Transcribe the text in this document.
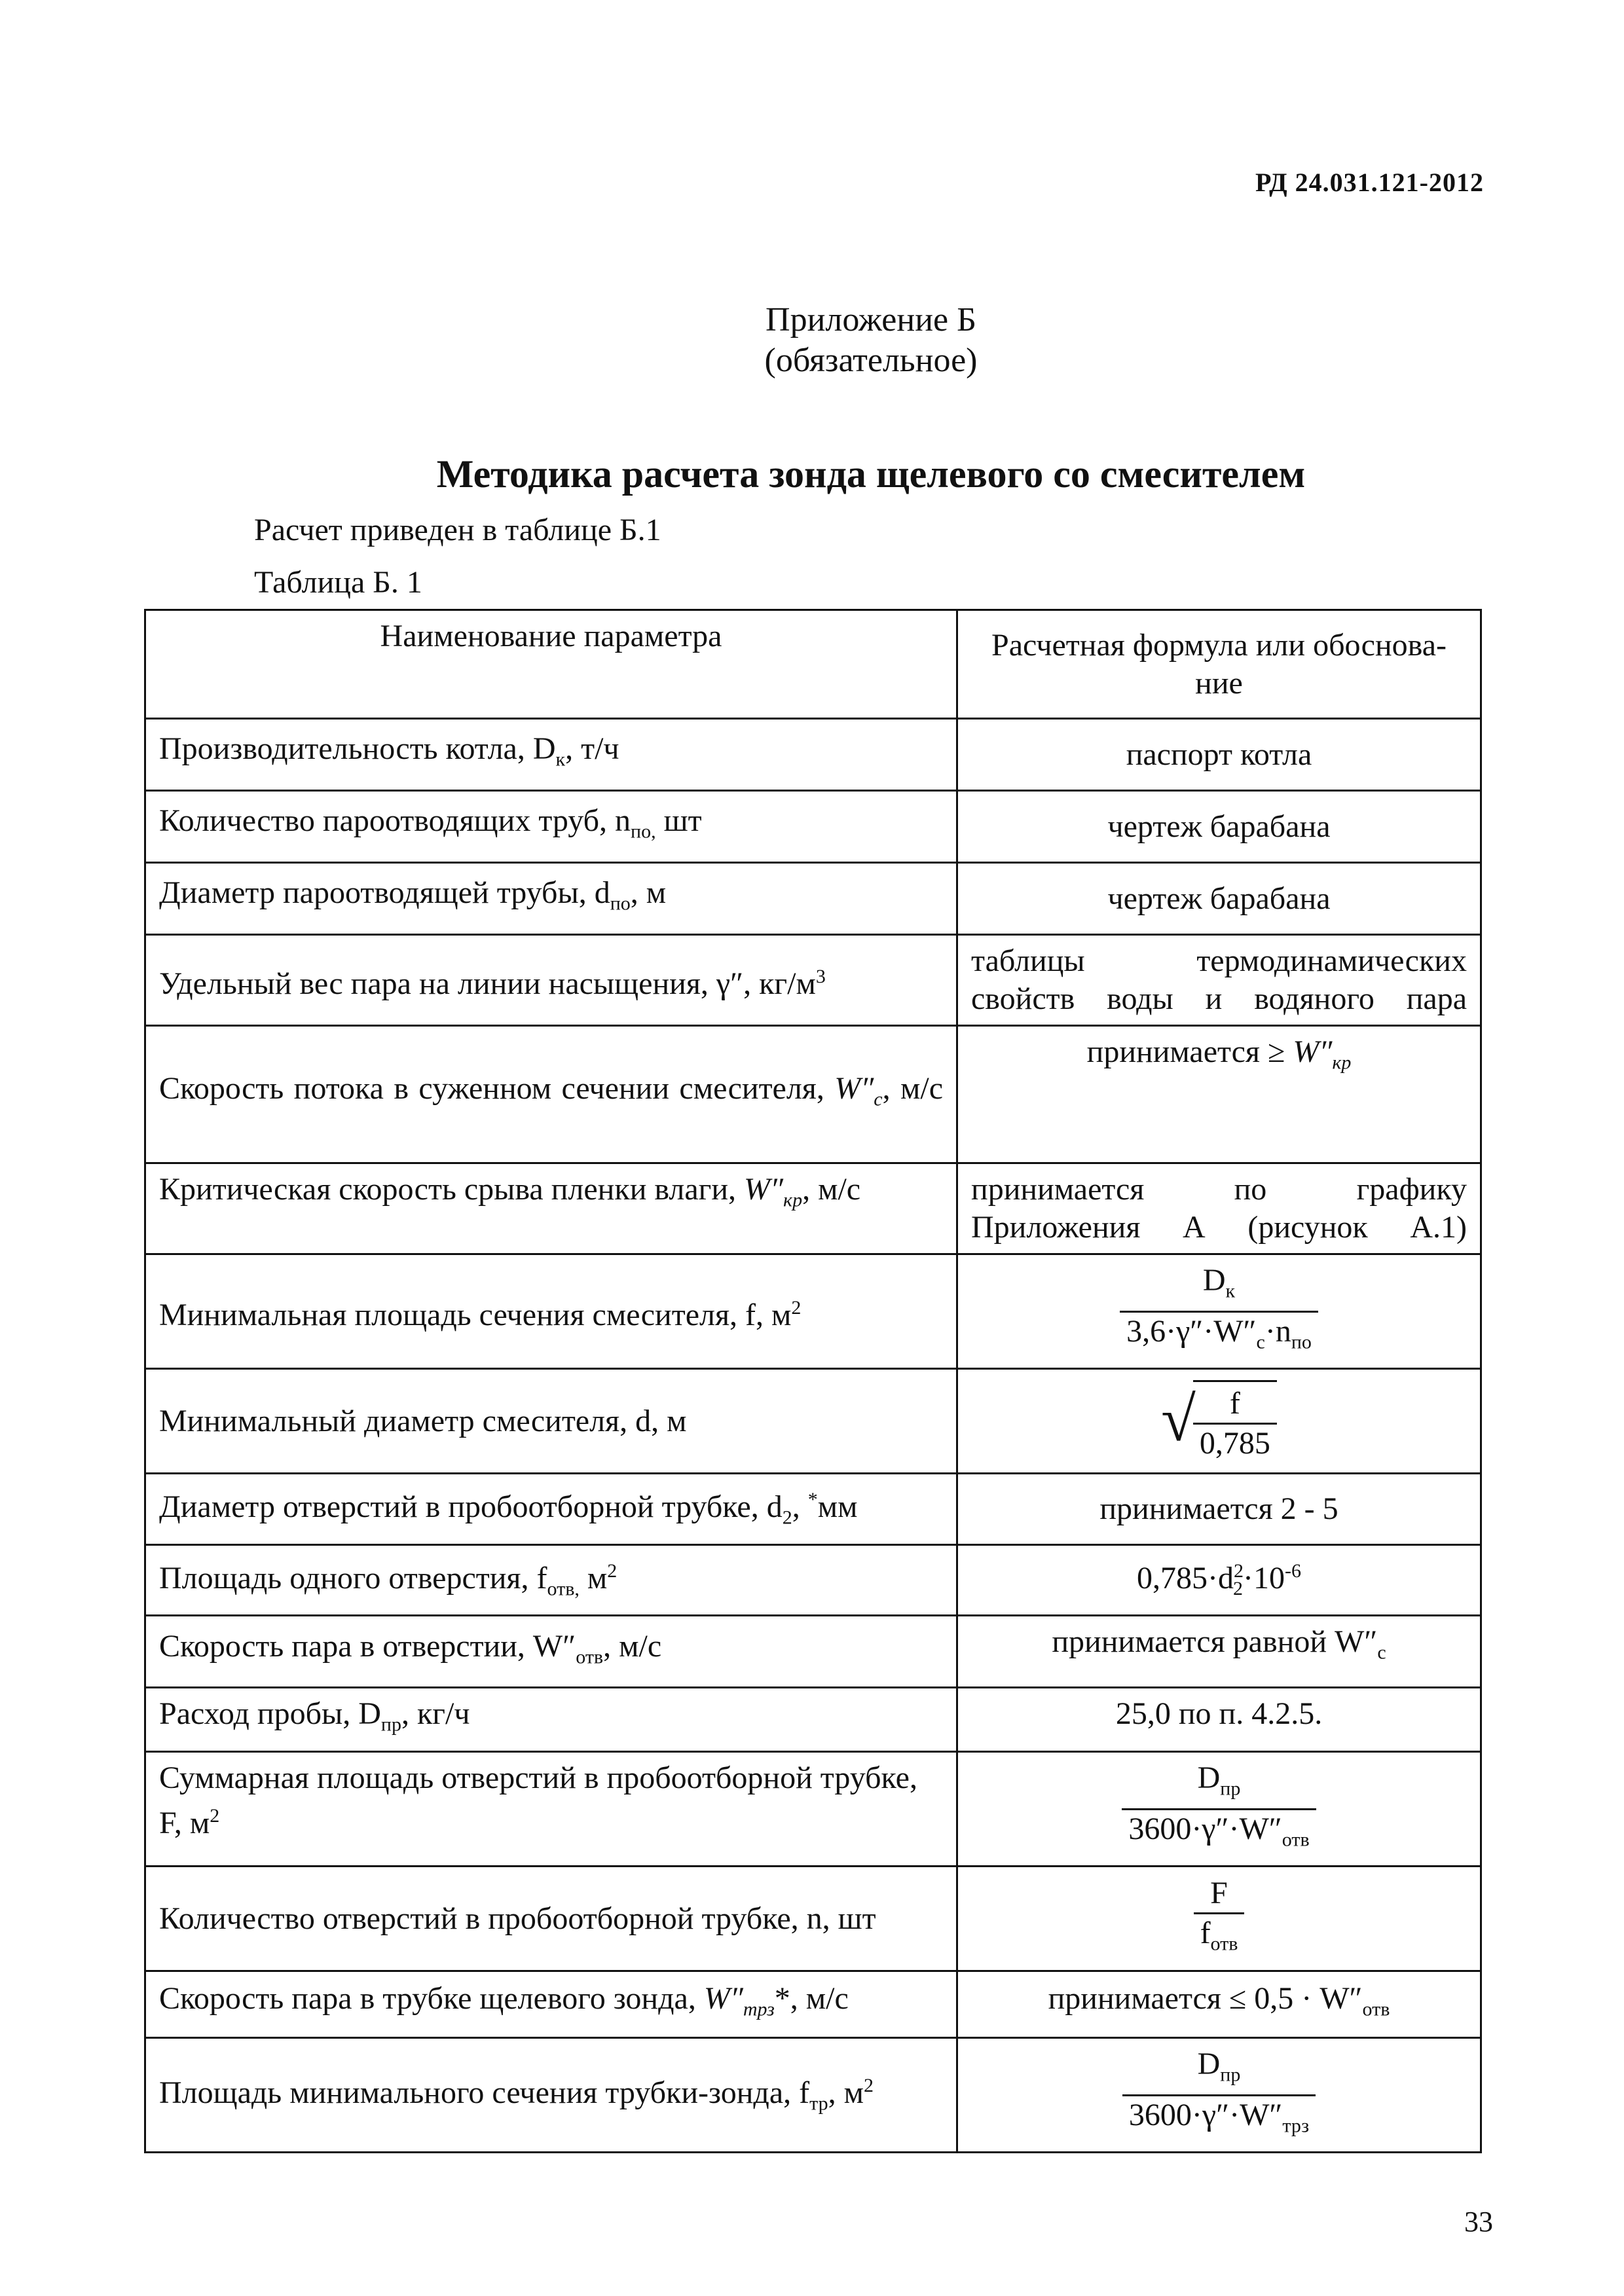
РД 24.031.121-2012
Приложение Б
(обязательное)
Методика расчета зонда щелевого со смесителем
Расчет приведен в таблице Б.1
Таблица Б. 1
Наименование параметра	Расчетная формула или обоснова-ние
Производительность котла, $D_к$, т/ч	паспорт котла
Количество пароотводящих труб, $n_{по,}$ шт	чертеж барабана
Диаметр пароотводящей трубы, $d_{по}$, м	чертеж барабана
Удельный вес пара на линии насыщения, γ″, $кг/м^3$	таблицы термодинамических свойств воды и водяного пара
Скорость потока в суженном сечении смесителя, $W''_c$, м/с	принимается ≥ $W''_{кр}$
Критическая скорость срыва пленки влаги, $W''_{кр}$, м/с	принимается по графику Приложения А (рисунок А.1)
Минимальная площадь сечения смесителя, f, $м^2$	$\frac{D_к}{3,6\cdot\gamma''\cdot W''_с\cdot n_{по}}$

Минимальный диаметр смесителя, d, м	√
$\frac{f}{0,785}$

Диаметр отверстий в пробоотборной трубке, $d_2$, *мм	принимается 2 - 5
Площадь одного отверстия, $f_{отв,}$ $м^2$	$0,785\cdot d^2_2\cdot 10^{-6}$
Скорость пара в отверстии, $W''_{отв}$, м/с	принимается равной $W''_с$
Расход пробы, $D_{пр}$, кг/ч	25,0 по п. 4.2.5.
Суммарная площадь отверстий в пробоотборной трубке, F, $м^2$	$\frac{D_{пр}}{3600\cdot\gamma''\cdot W''_{отв}}$

Количество отверстий в пробоотборной трубке, n, шт	$\frac{F}{f_{отв}}$

Скорость пара в трубке щелевого зонда, $W''_{трз}*$, м/с	принимается ≤ $0,5 \cdot W''_{отв}$
Площадь минимального сечения трубки-зонда, $f_{тр}$, $м^2$	$\frac{D_{пр}}{3600\cdot\gamma''\cdot W''_{трз}}$
33
